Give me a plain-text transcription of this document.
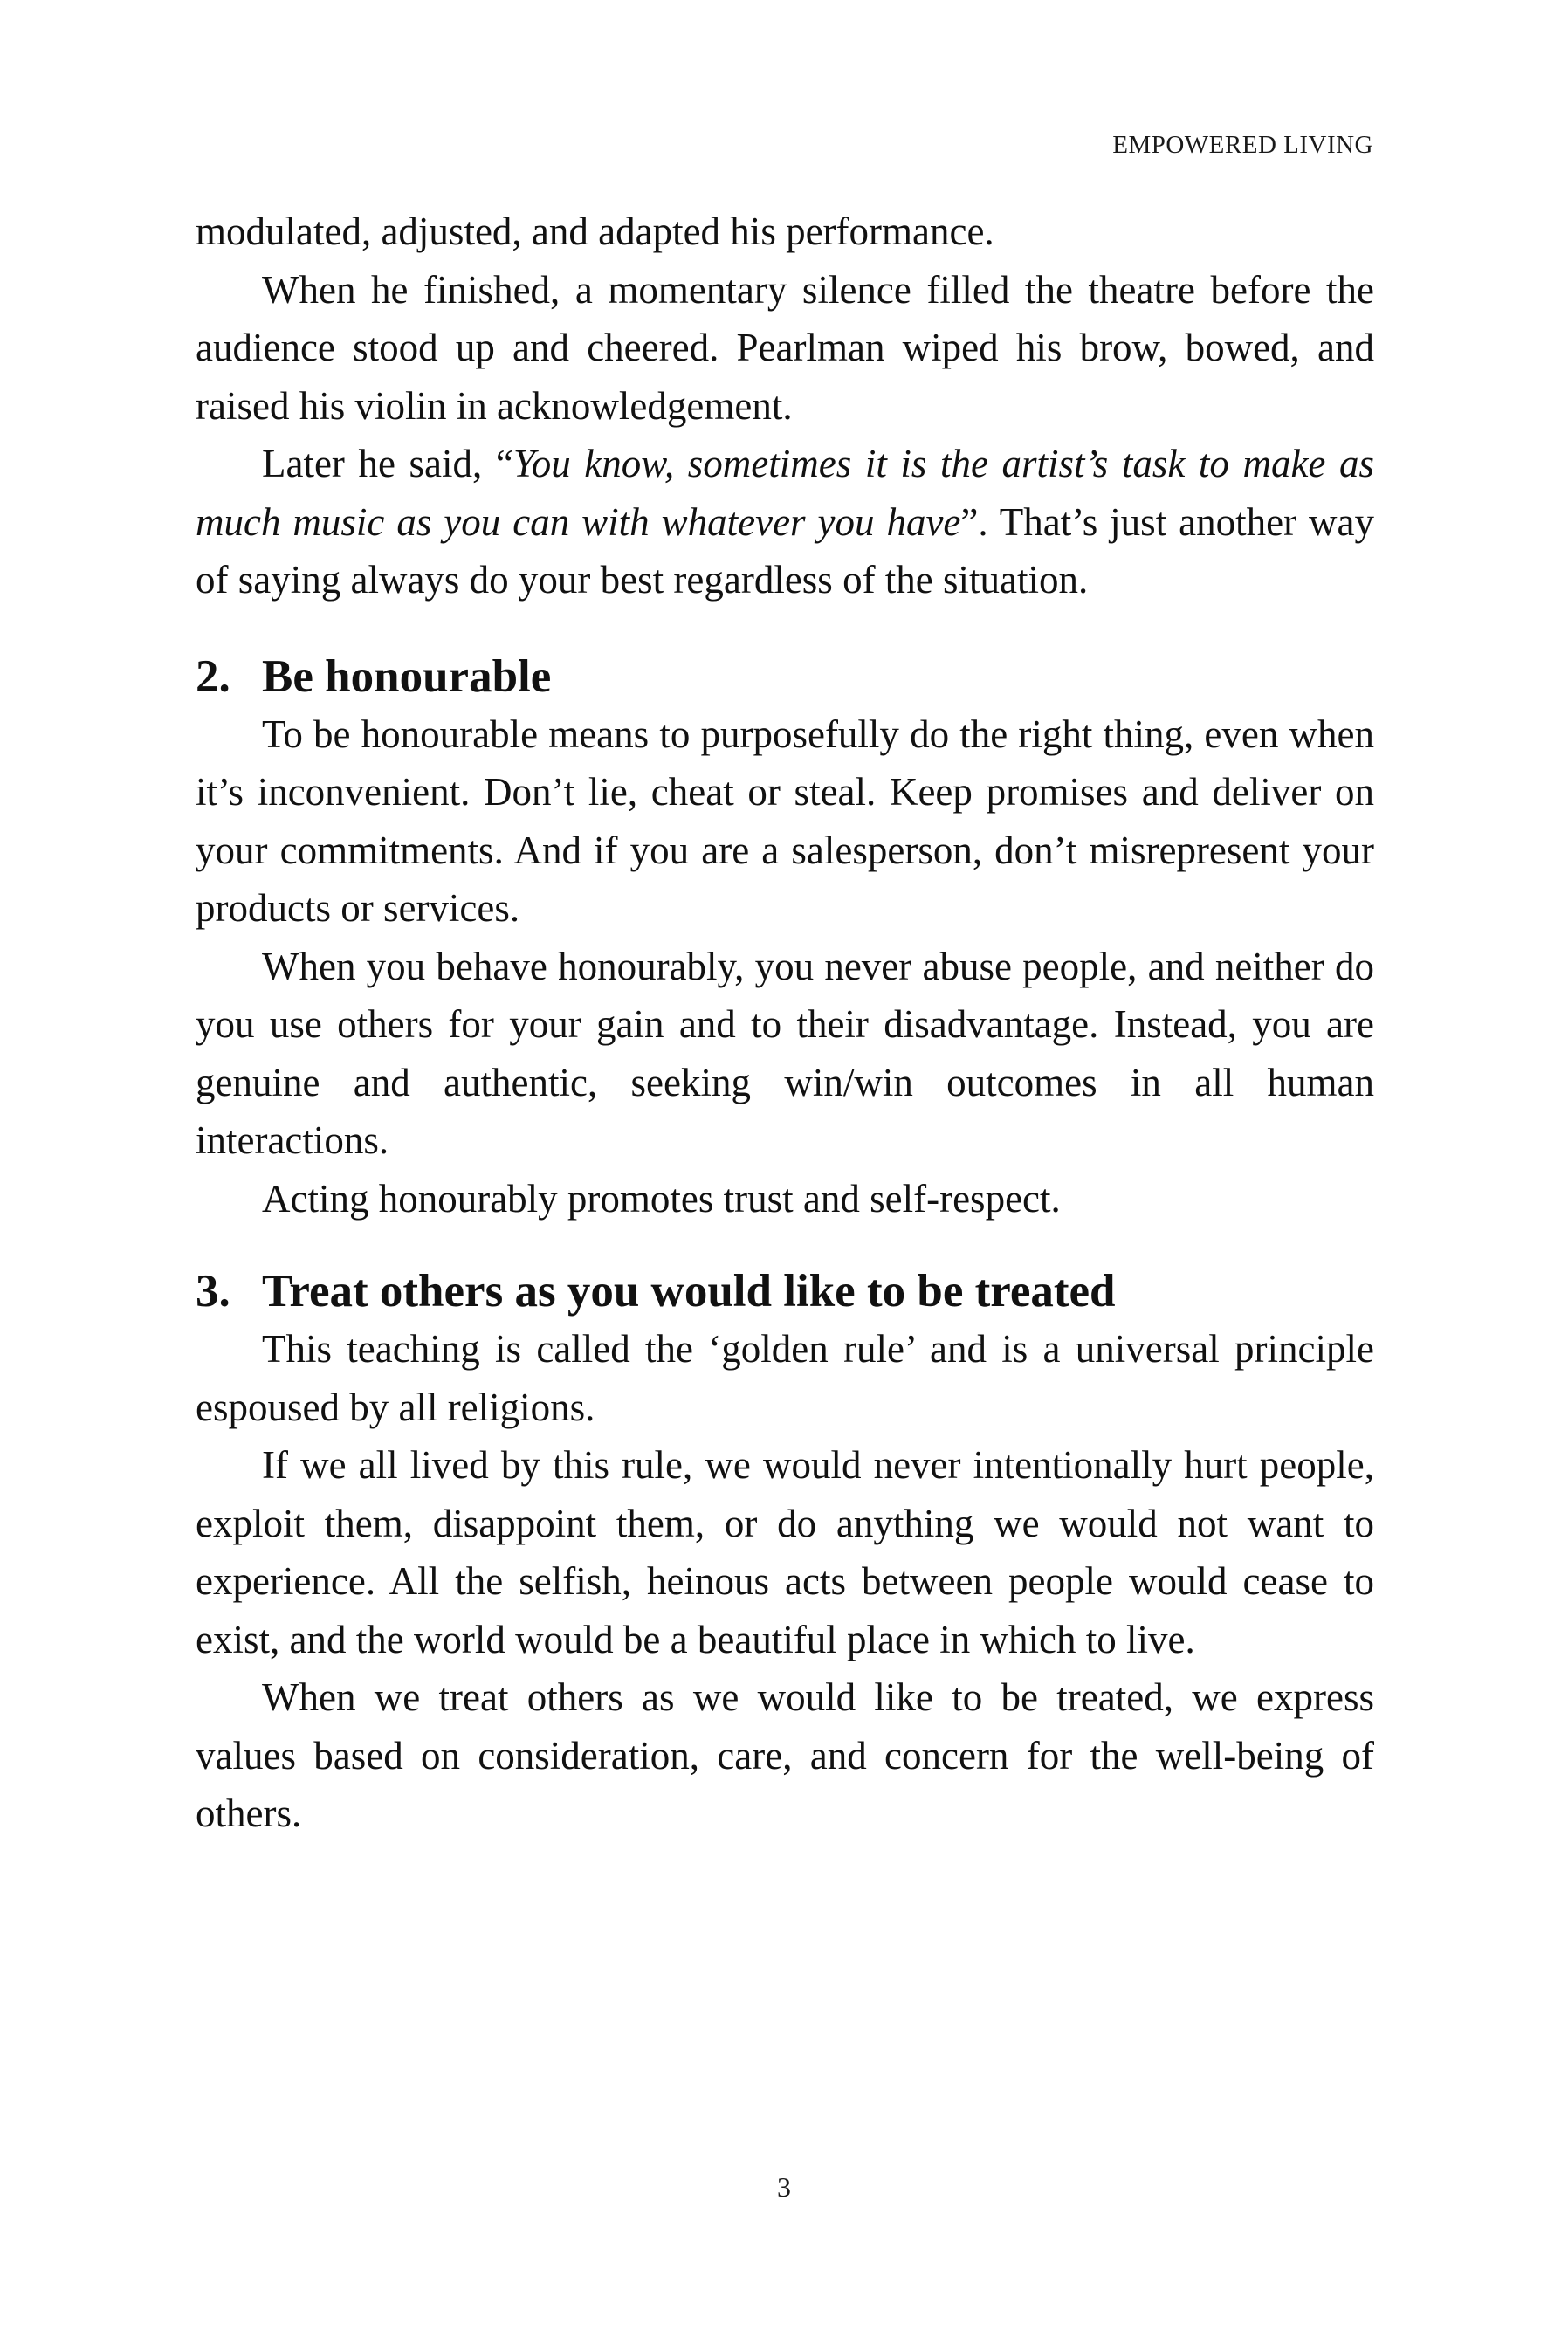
EMPOWERED LIVING

modulated, adjusted, and adapted his performance.

When he finished, a momentary silence filled the theatre before the audience stood up and cheered. Pearlman wiped his brow, bowed, and raised his violin in acknowledgement.

Later he said, “You know, sometimes it is the artist’s task to make as much music as you can with whatever you have”. That’s just another way of saying always do your best regardless of the situation.

2. Be honourable

To be honourable means to purposefully do the right thing, even when it’s inconvenient. Don’t lie, cheat or steal. Keep promises and deliver on your commitments. And if you are a salesperson, don’t misrepresent your products or services.

When you behave honourably, you never abuse people, and neither do you use others for your gain and to their disadvantage. Instead, you are genuine and authentic, seeking win/win outcomes in all human interactions.

Acting honourably promotes trust and self-respect.

3. Treat others as you would like to be treated

This teaching is called the ‘golden rule’ and is a universal principle espoused by all religions.

If we all lived by this rule, we would never intentionally hurt people, exploit them, disappoint them, or do anything we would not want to experience. All the selfish, heinous acts between people would cease to exist, and the world would be a beautiful place in which to live.

When we treat others as we would like to be treated, we express values based on consideration, care, and concern for the well-being of others.

3
